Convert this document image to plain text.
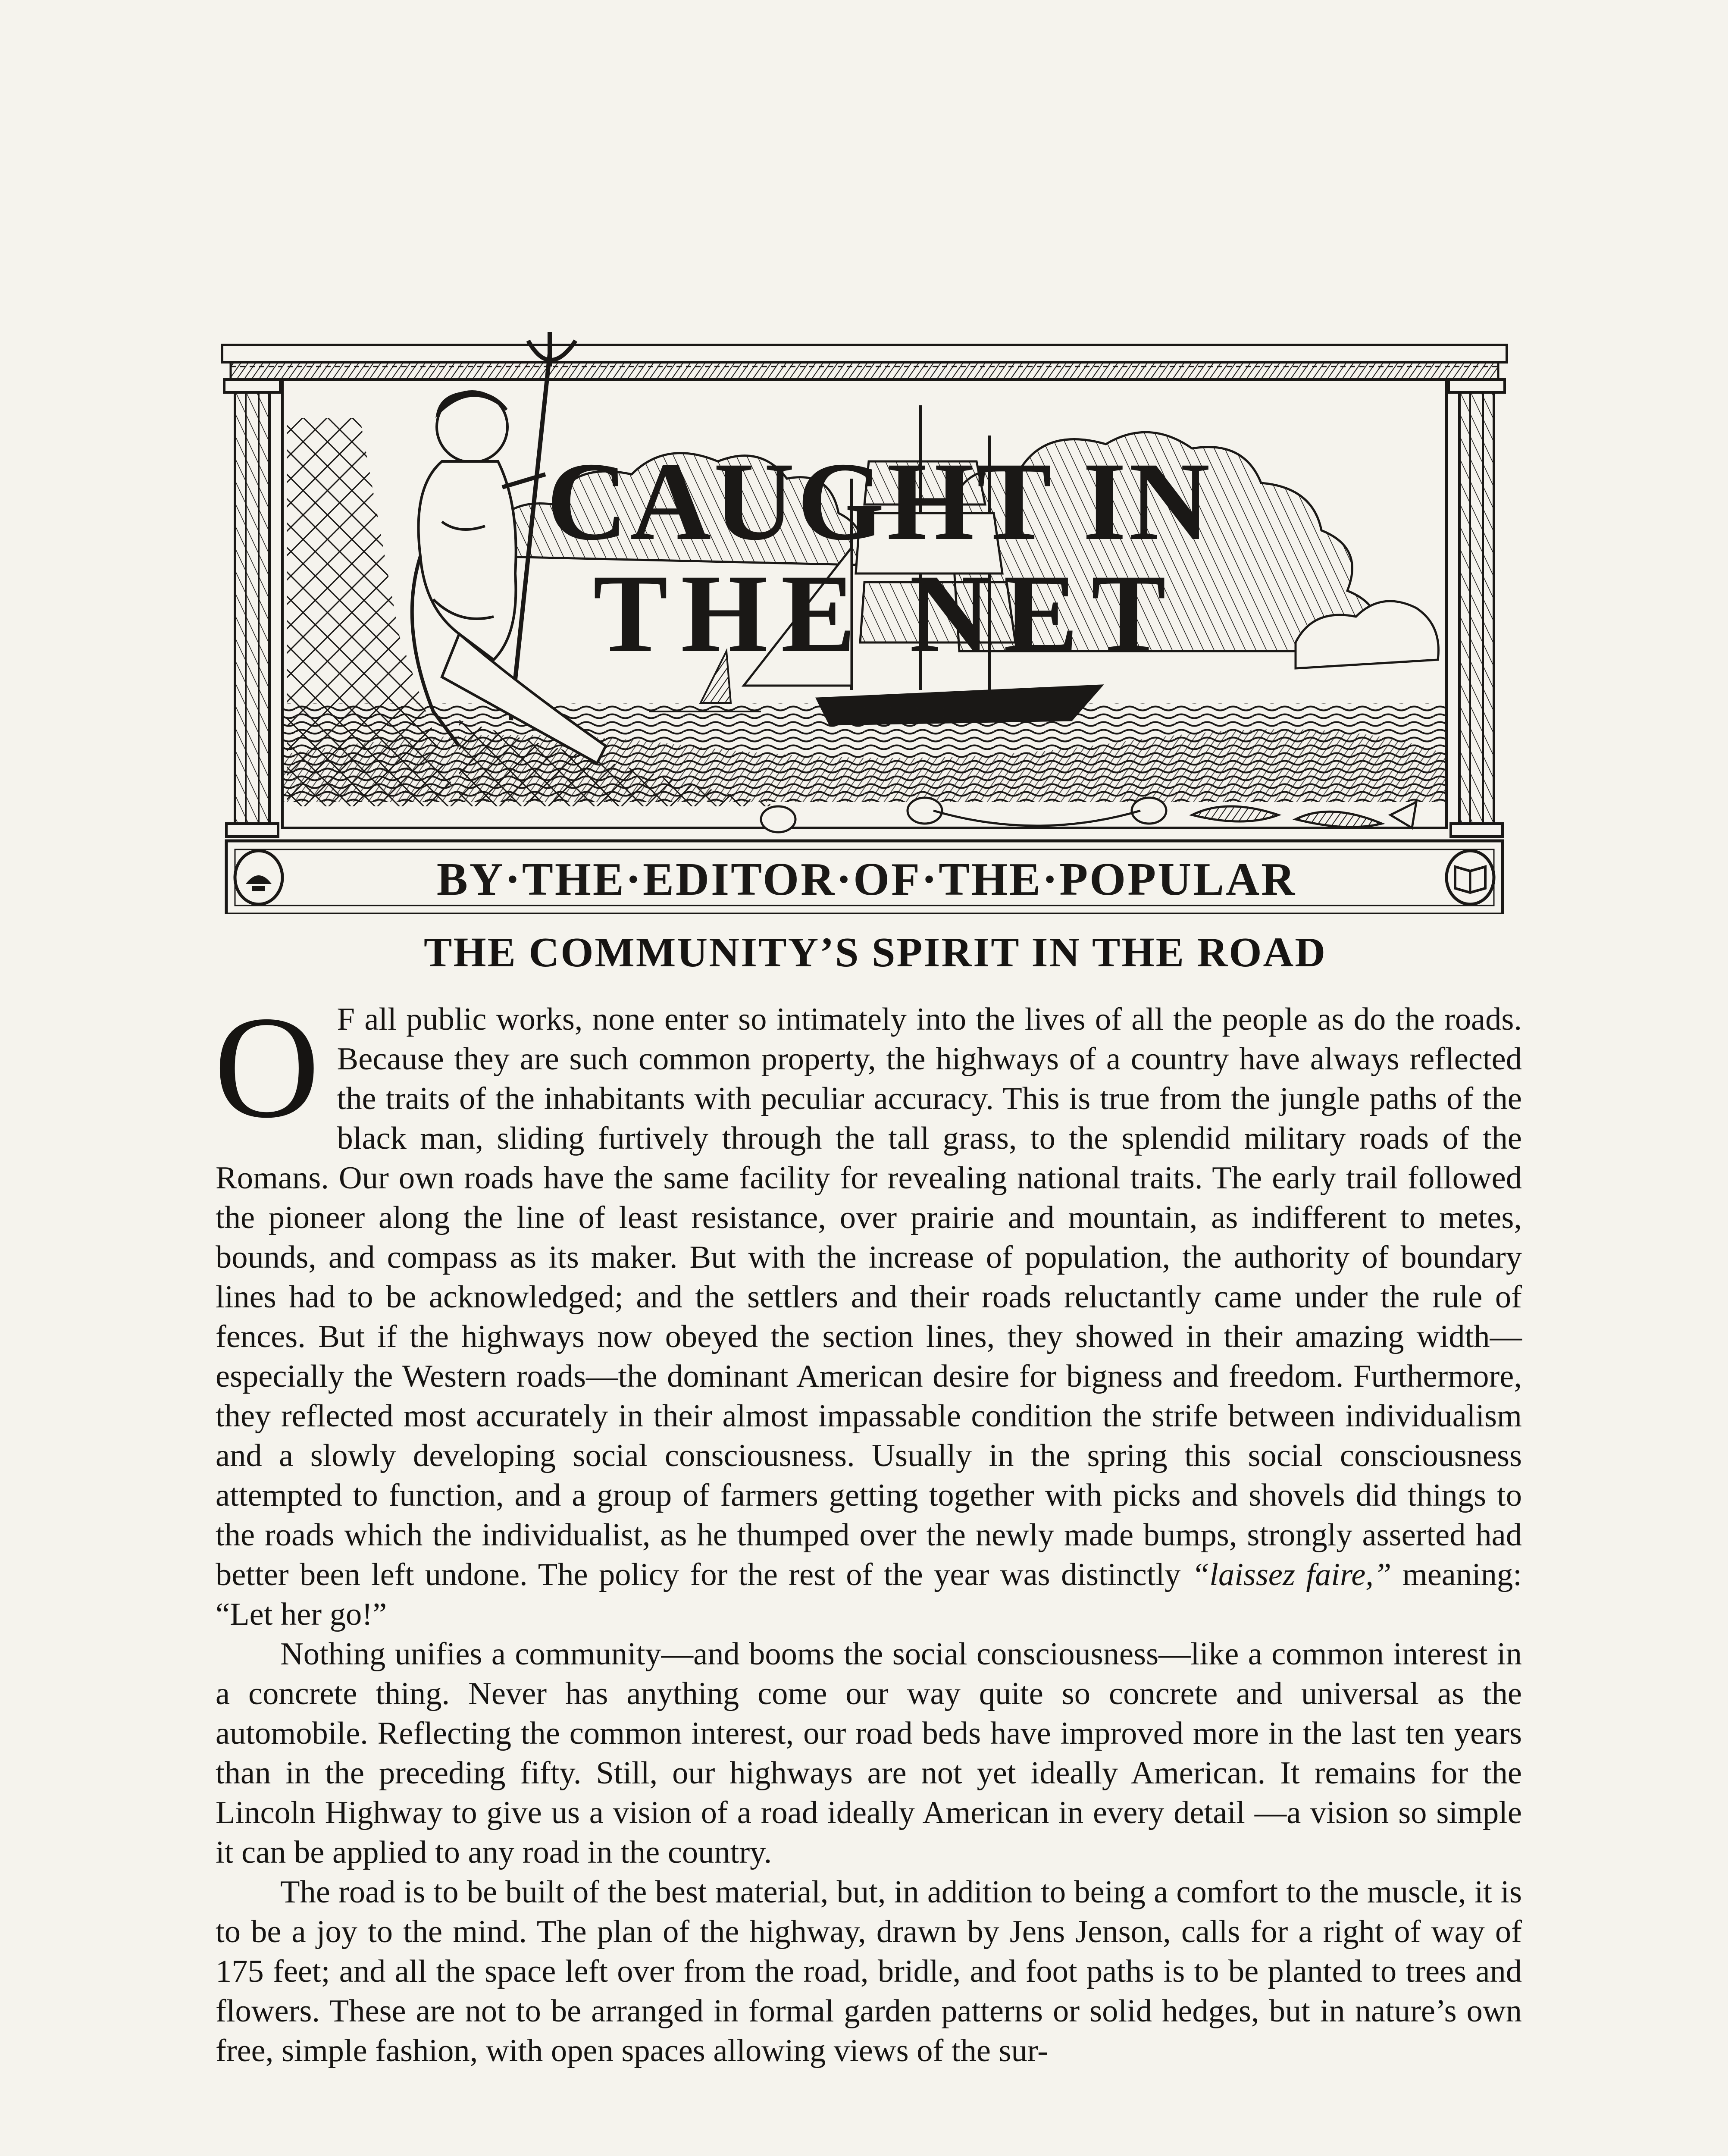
CAUGHT IN
THE NET
BY·THE·EDITOR·OF·THE·POPULAR
THE COMMUNITY’S SPIRIT IN THE ROAD

O F all public works, none enter so intimately into the lives of all the people as do the roads. Because they are such common property, the highways of a country have always reflected the traits of the inhabitants with peculiar accuracy. This is true from the jungle paths of the black man, sliding furtively through the tall grass, to the splendid military roads of the Romans. Our own roads have the same facility for revealing national traits. The early trail followed the pioneer along the line of least resistance, over prairie and mountain, as indifferent to metes, bounds, and compass as its maker. But with the increase of population, the authority of boundary lines had to be acknowledged; and the settlers and their roads reluctantly came under the rule of fences. But if the highways now obeyed the section lines, they showed in their amazing width—especially the Western roads—the dominant American desire for bigness and freedom. Furthermore, they reflected most accurately in their almost impassable condition the strife between individualism and a slowly developing social consciousness. Usually in the spring this social consciousness attempted to function, and a group of farmers getting together with picks and shovels did things to the roads which the individualist, as he thumped over the newly made bumps, strongly asserted had better been left undone. The policy for the rest of the year was distinctly “laissez faire,” meaning: “Let her go!”

Nothing unifies a community—and booms the social consciousness—like a common interest in a concrete thing. Never has anything come our way quite so concrete and universal as the automobile. Reflecting the common interest, our road beds have improved more in the last ten years than in the preceding fifty. Still, our highways are not yet ideally American. It remains for the Lincoln Highway to give us a vision of a road ideally American in every detail —a vision so simple it can be applied to any road in the country.

The road is to be built of the best material, but, in addition to being a comfort to the muscle, it is to be a joy to the mind. The plan of the highway, drawn by Jens Jenson, calls for a right of way of 175 feet; and all the space left over from the road, bridle, and foot paths is to be planted to trees and flowers. These are not to be arranged in formal garden patterns or solid hedges, but in nature’s own free, simple fashion, with open spaces allowing views of the sur-
